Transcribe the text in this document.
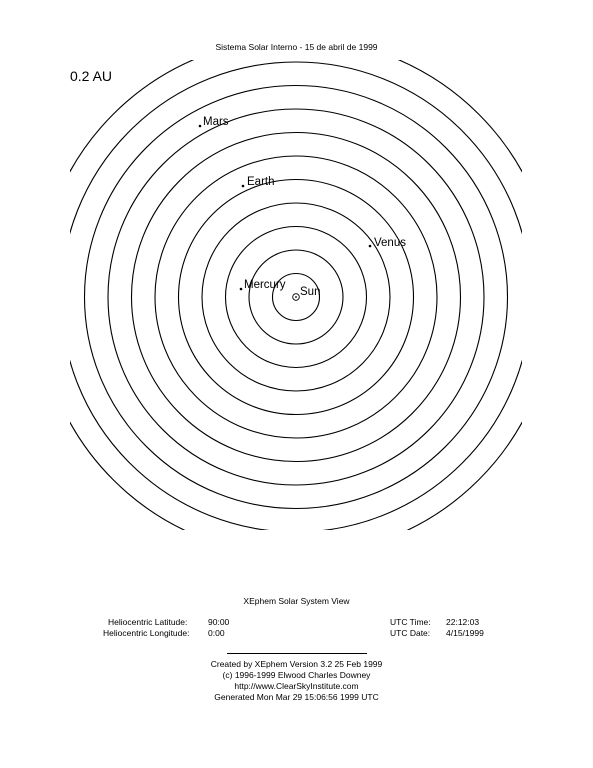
Sistema Solar Interno - 15 de abril de 1999
0.2 AU
Sun
Mercury
Venus
Earth
Mars
XEphem Solar System View
Heliocentric Latitude: 90:00
Heliocentric Longitude: 0:00
UTC Time: 22:12:03
UTC Date: 4/15/1999
Created by XEphem Version 3.2 25 Feb 1999
(c) 1996-1999 Elwood Charles Downey
http://www.ClearSkyInstitute.com
Generated Mon Mar 29 15:06:56 1999 UTC
